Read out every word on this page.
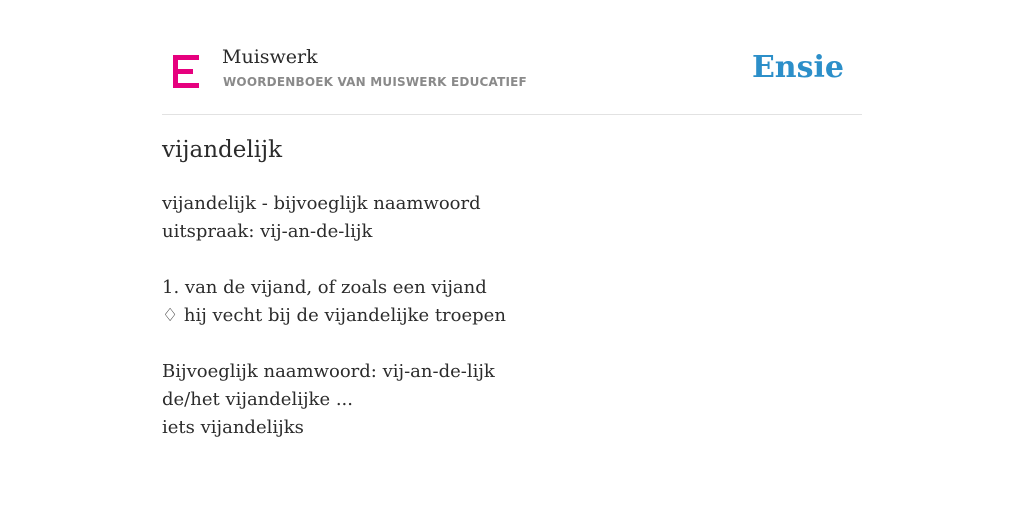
Muiswerk
WOORDENBOEK VAN MUISWERK EDUCATIEF	Ensie
vijandelijk
vijandelijk - bijvoeglijk naamwoord
uitspraak: vij-an-de-lijk
1. van de vijand, of zoals een vijand
♢ hij vecht bij de vijandelijke troepen
Bijvoeglijk naamwoord: vij-an-de-lijk
de/het vijandelijke ...
iets vijandelijks
